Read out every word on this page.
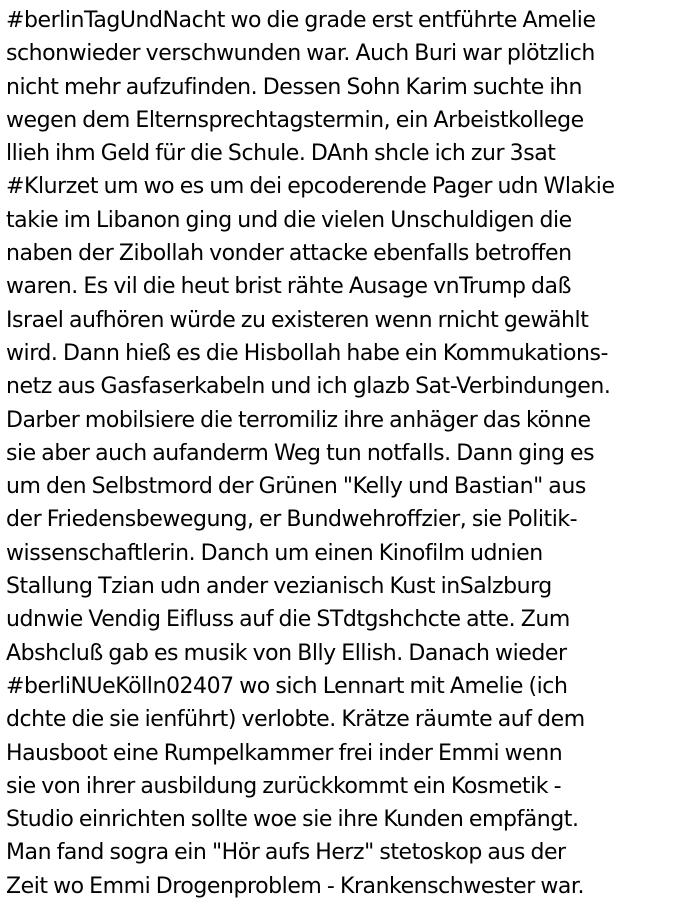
#berlinTagUndNacht wo die grade erst entführte Amelie
schonwieder verschwunden war. Auch Buri war plötzlich
nicht mehr aufzufinden. Dessen Sohn Karim suchte ihn
wegen dem Elternsprechtagstermin, ein Arbeistkollege
llieh ihm Geld für die Schule. DAnh shcle ich zur 3sat
#Klurzet um wo es um dei epcoderende Pager udn Wlakie
takie im Libanon ging und die vielen Unschuldigen die
naben der Zibollah vonder attacke ebenfalls betroffen
waren. Es vil die heut brist rähte Ausage vnTrump daß
Israel aufhören würde zu existeren wenn rnicht gewählt
wird. Dann hieß es die Hisbollah habe ein Kommukations-
netz aus Gasfaserkabeln und ich glazb Sat-Verbindungen.
Darber mobilsiere die terromiliz ihre anhäger das könne
sie aber auch aufanderm Weg tun notfalls. Dann ging es
um den Selbstmord der Grünen "Kelly und Bastian" aus
der Friedensbewegung, er Bundwehroffzier, sie Politik-
wissenschaftlerin. Danch um einen Kinofilm udnien
Stallung Tzian udn ander vezianisch Kust inSalzburg
udnwie Vendig Eifluss auf die STdtgshchcte atte. Zum
Abshcluß gab es musik von Blly Ellish. Danach wieder
#berliNUeKölln02407 wo sich Lennart mit Amelie (ich
dchte die sie ienführt) verlobte. Krätze räumte auf dem
Hausboot eine Rumpelkammer frei inder Emmi wenn
sie von ihrer ausbildung zurückkommt ein Kosmetik -
Studio einrichten sollte woe sie ihre Kunden empfängt.
Man fand sogra ein "Hör aufs Herz" stetoskop aus der
Zeit wo Emmi Drogenproblem - Krankenschwester war.
